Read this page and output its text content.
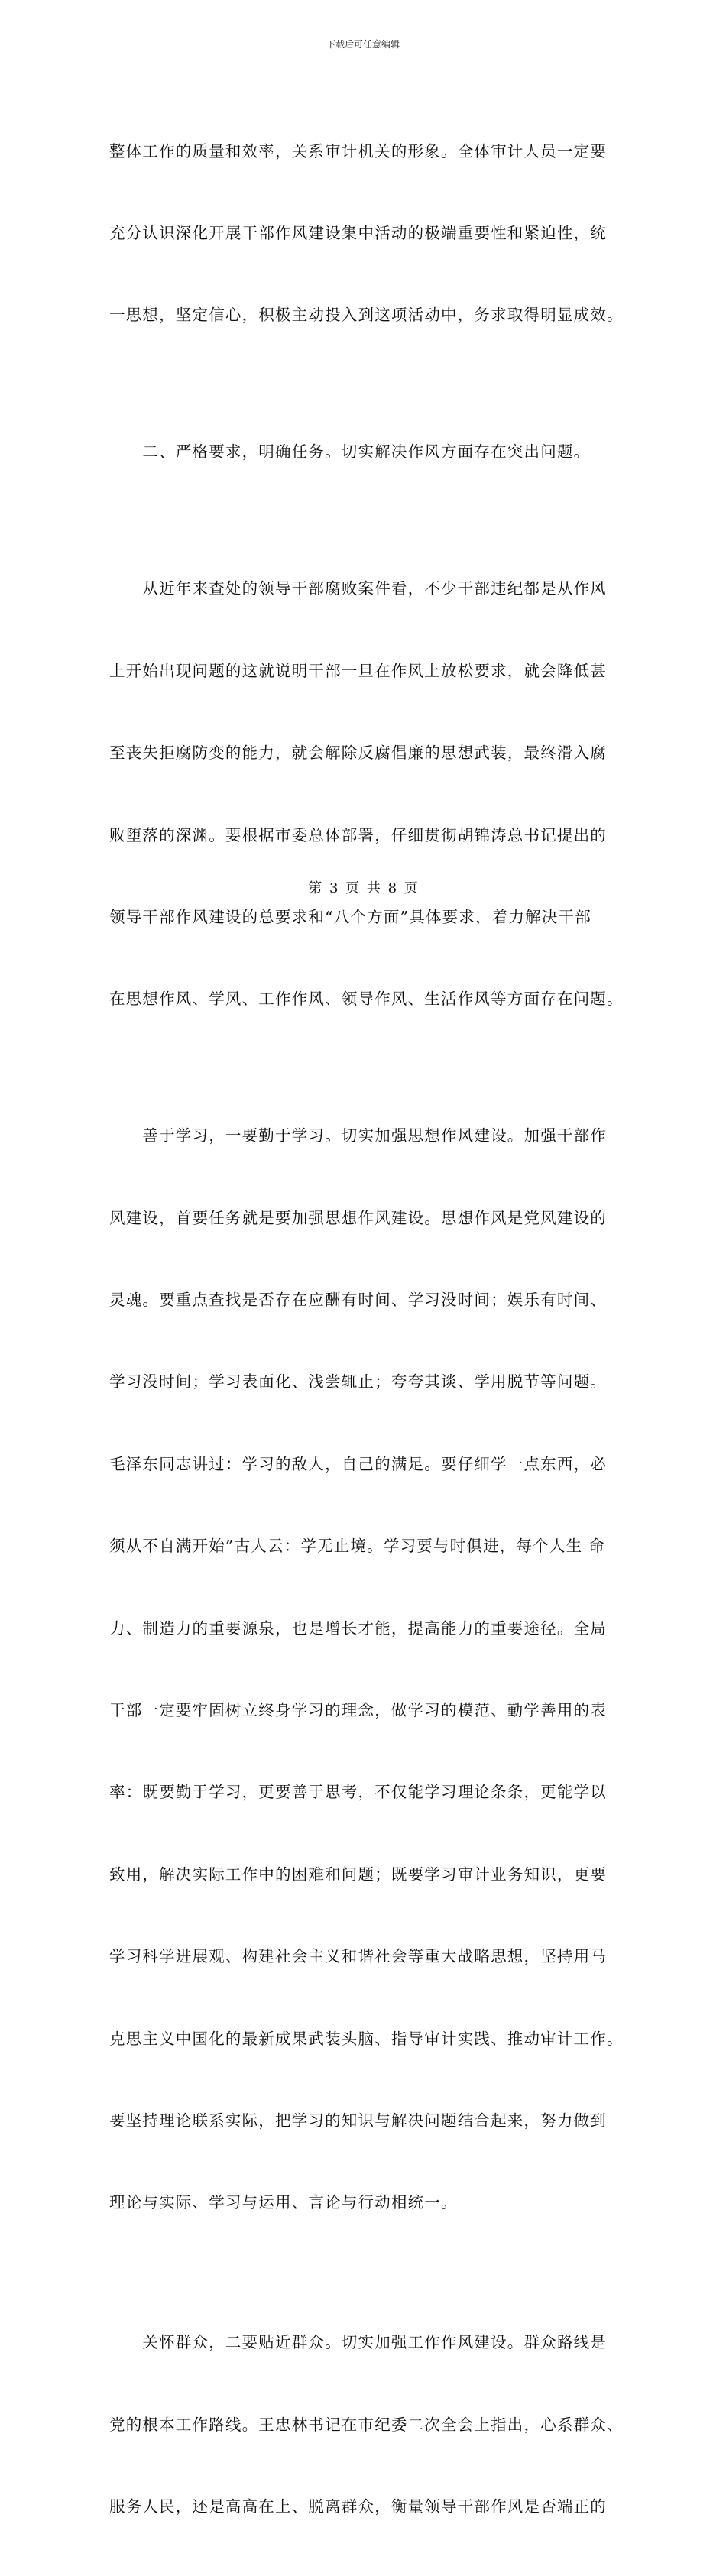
下载后可任意编辑

整体工作的质量和效率，关系审计机关的形象。全体审计人员一定要

充分认识深化开展干部作风建设集中活动的极端重要性和紧迫性，统

一思想，坚定信心，积极主动投入到这项活动中，务求取得明显成效。

　　二、严格要求，明确任务。切实解决作风方面存在突出问题。

　　从近年来查处的领导干部腐败案件看，不少干部违纪都是从作风

上开始出现问题的这就说明干部一旦在作风上放松要求，就会降低甚

至丧失拒腐防变的能力，就会解除反腐倡廉的思想武装，最终滑入腐

败堕落的深渊。要根据市委总体部署，仔细贯彻胡锦涛总书记提出的

领导干部作风建设的总要求和“八个方面”具体要求，着力解决干部

在思想作风、学风、工作作风、领导作风、生活作风等方面存在问题。

　　善于学习，一要勤于学习。切实加强思想作风建设。加强干部作

风建设，首要任务就是要加强思想作风建设。思想作风是党风建设的

灵魂。要重点查找是否存在应酬有时间、学习没时间；娱乐有时间、

学习没时间；学习表面化、浅尝辄止；夸夸其谈、学用脱节等问题。

毛泽东同志讲过：学习的敌人，自己的满足。要仔细学一点东西，必

须从不自满开始”古人云：学无止境。学习要与时俱进，每个人生 命

力、制造力的重要源泉，也是增长才能，提高能力的重要途径。全局

干部一定要牢固树立终身学习的理念，做学习的模范、勤学善用的表

率：既要勤于学习，更要善于思考，不仅能学习理论条条，更能学以

致用，解决实际工作中的困难和问题；既要学习审计业务知识，更要

学习科学进展观、构建社会主义和谐社会等重大战略思想，坚持用马

克思主义中国化的最新成果武装头脑、指导审计实践、推动审计工作。

要坚持理论联系实际，把学习的知识与解决问题结合起来，努力做到

理论与实际、学习与运用、言论与行动相统一。

　　关怀群众，二要贴近群众。切实加强工作作风建设。群众路线是

党的根本工作路线。王忠林书记在市纪委二次全会上指出，心系群众、

服务人民，还是高高在上、脱离群众，衡量领导干部作风是否端正的

第 3 页 共 8 页
